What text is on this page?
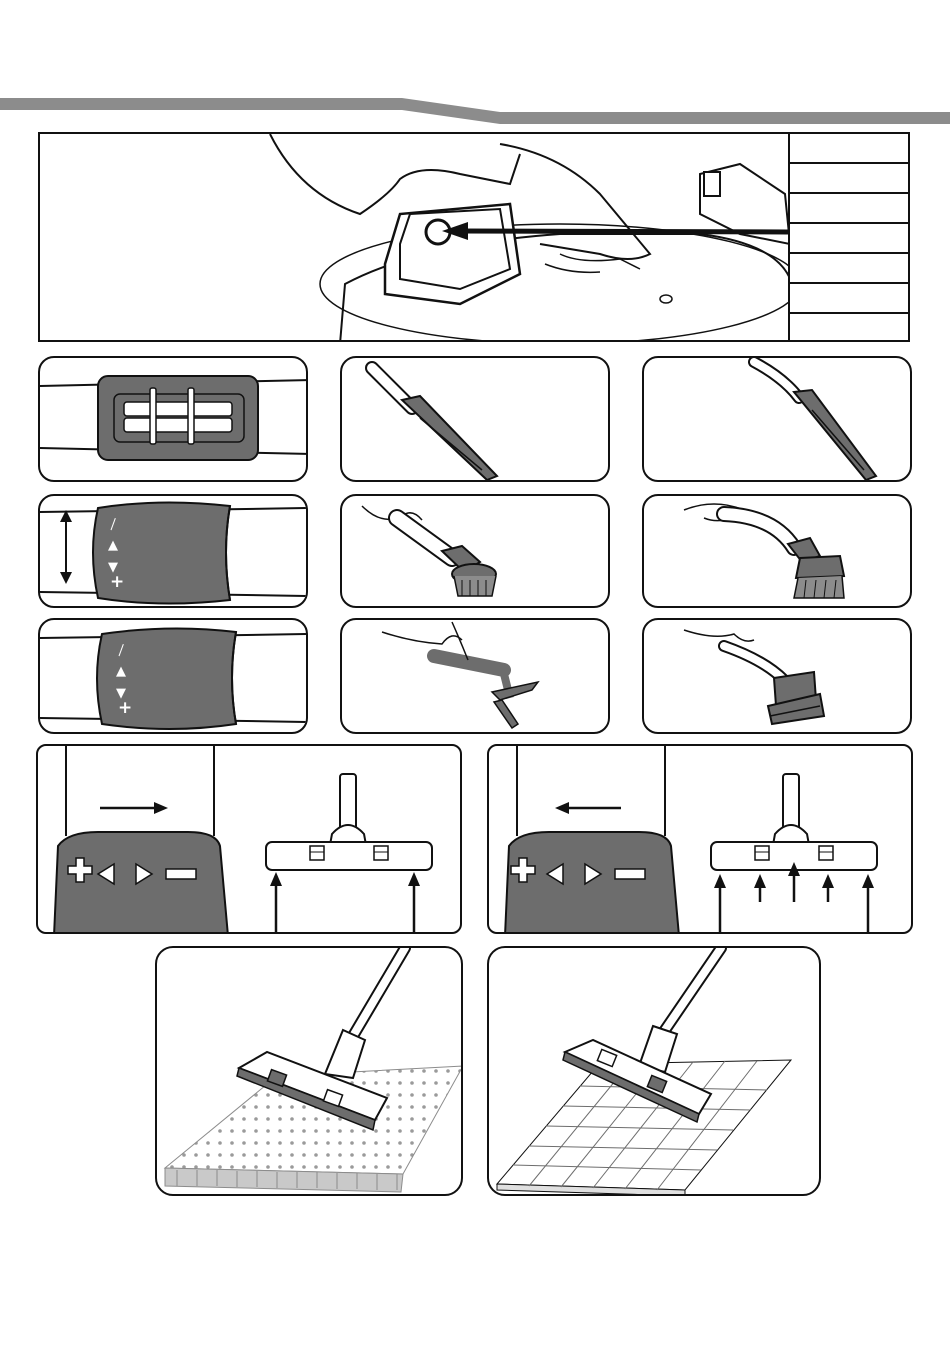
—
▲
▼
+
—
▲
▼
+
